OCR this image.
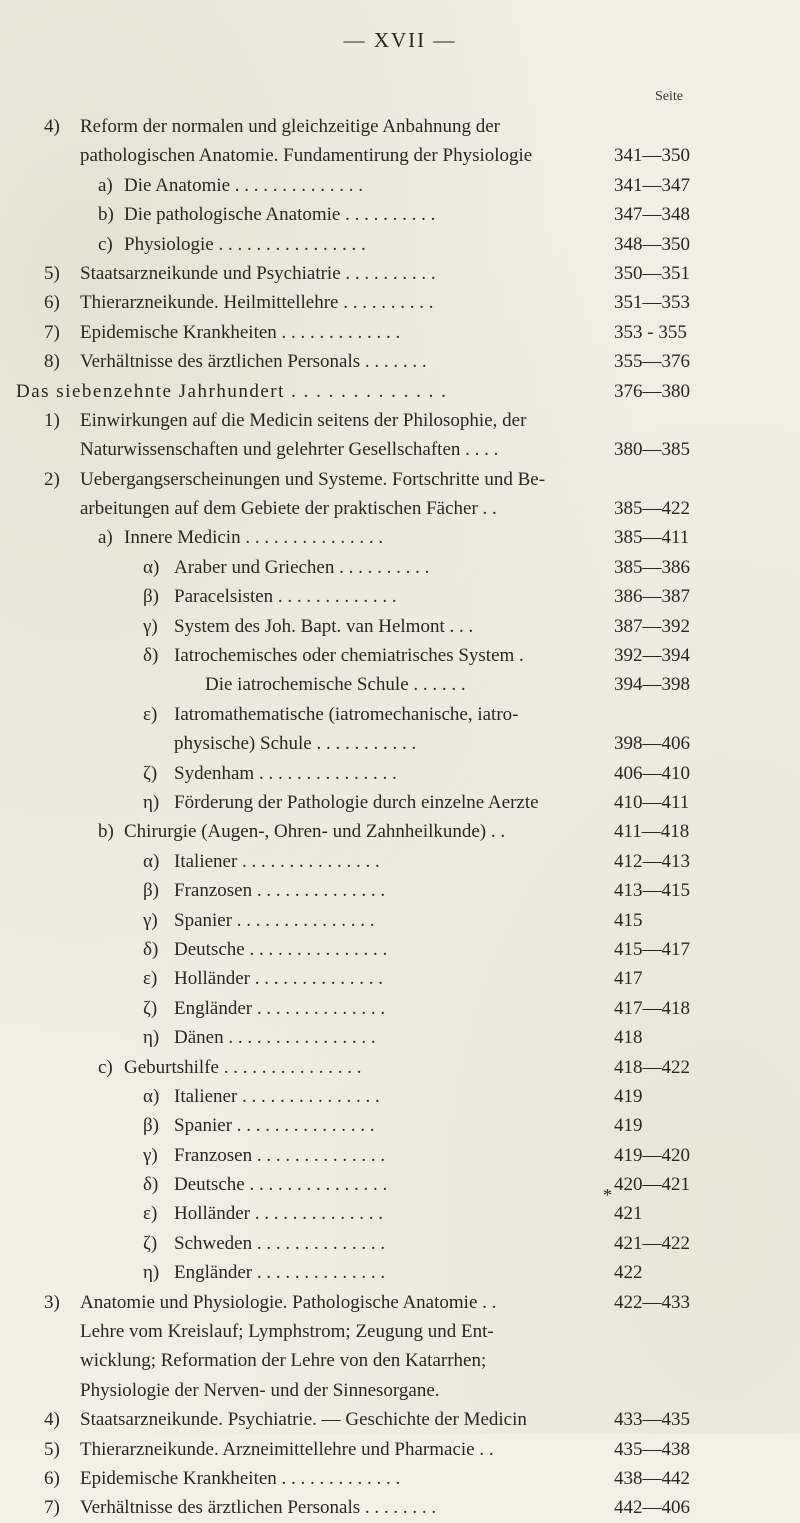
— XVII —
Seite
4) Reform der normalen und gleichzeitige Anbahnung der
pathologischen Anatomie. Fundamentirung der Physiologie	341—350
a) Die Anatomie . . . . . . . . . . . . . .	341—347
b) Die pathologische Anatomie . . . . . . . . . .	347—348
c) Physiologie . . . . . . . . . . . . . . . .	348—350
5) Staatsarzneikunde und Psychiatrie . . . . . . . . . .	350—351
6) Thierarzneikunde. Heilmittellehre . . . . . . . . . .	351—353
7) Epidemische Krankheiten . . . . . . . . . . . . .	353 - 355
8) Verhältnisse des ärztlichen Personals . . . . . . .	355—376
Das siebenzehnte Jahrhundert . . . . . . . . . . . . .	376—380
1) Einwirkungen auf die Medicin seitens der Philosophie, der
Naturwissenschaften und gelehrter Gesellschaften . . . .	380—385
2) Uebergangserscheinungen und Systeme. Fortschritte und Be-
arbeitungen auf dem Gebiete der praktischen Fächer . .	385—422
a) Innere Medicin . . . . . . . . . . . . . . .	385—411
α) Araber und Griechen . . . . . . . . . .	385—386
β) Paracelsisten . . . . . . . . . . . . .	386—387
γ) System des Joh. Bapt. van Helmont . . .	387—392
δ) Iatrochemisches oder chemiatrisches System .	392—394
Die iatrochemische Schule . . . . . .	394—398
ε) Iatromathematische (iatromechanische, iatro-
physische) Schule . . . . . . . . . . .	398—406
ζ) Sydenham . . . . . . . . . . . . . . .	406—410
η) Förderung der Pathologie durch einzelne Aerzte	410—411
b) Chirurgie (Augen-, Ohren- und Zahnheilkunde) . .	411—418
α) Italiener . . . . . . . . . . . . . . .	412—413
β) Franzosen . . . . . . . . . . . . . .	413—415
γ) Spanier . . . . . . . . . . . . . . .	415
δ) Deutsche . . . . . . . . . . . . . . .	415—417
ε) Holländer . . . . . . . . . . . . . .	417
ζ) Engländer . . . . . . . . . . . . . .	417—418
η) Dänen . . . . . . . . . . . . . . . .	418
c) Geburtshilfe . . . . . . . . . . . . . . .	418—422
α) Italiener . . . . . . . . . . . . . . .	419
β) Spanier . . . . . . . . . . . . . . .	419
γ) Franzosen . . . . . . . . . . . . . .	419—420
δ) Deutsche . . . . . . . . . . . . . . .	420—421
ε) Holländer . . . . . . . . . . . . . .	421
ζ) Schweden . . . . . . . . . . . . . .	421—422
η) Engländer . . . . . . . . . . . . . .	422
3) Anatomie und Physiologie. Pathologische Anatomie . .	422—433
Lehre vom Kreislauf; Lymphstrom; Zeugung und Ent-
wicklung; Reformation der Lehre von den Katarrhen;
Physiologie der Nerven- und der Sinnesorgane.
4) Staatsarzneikunde. Psychiatrie. — Geschichte der Medicin	433—435
5) Thierarzneikunde. Arzneimittellehre und Pharmacie . .	435—438
6) Epidemische Krankheiten . . . . . . . . . . . . .	438—442
7) Verhältnisse des ärztlichen Personals . . . . . . . .	442—406
*
